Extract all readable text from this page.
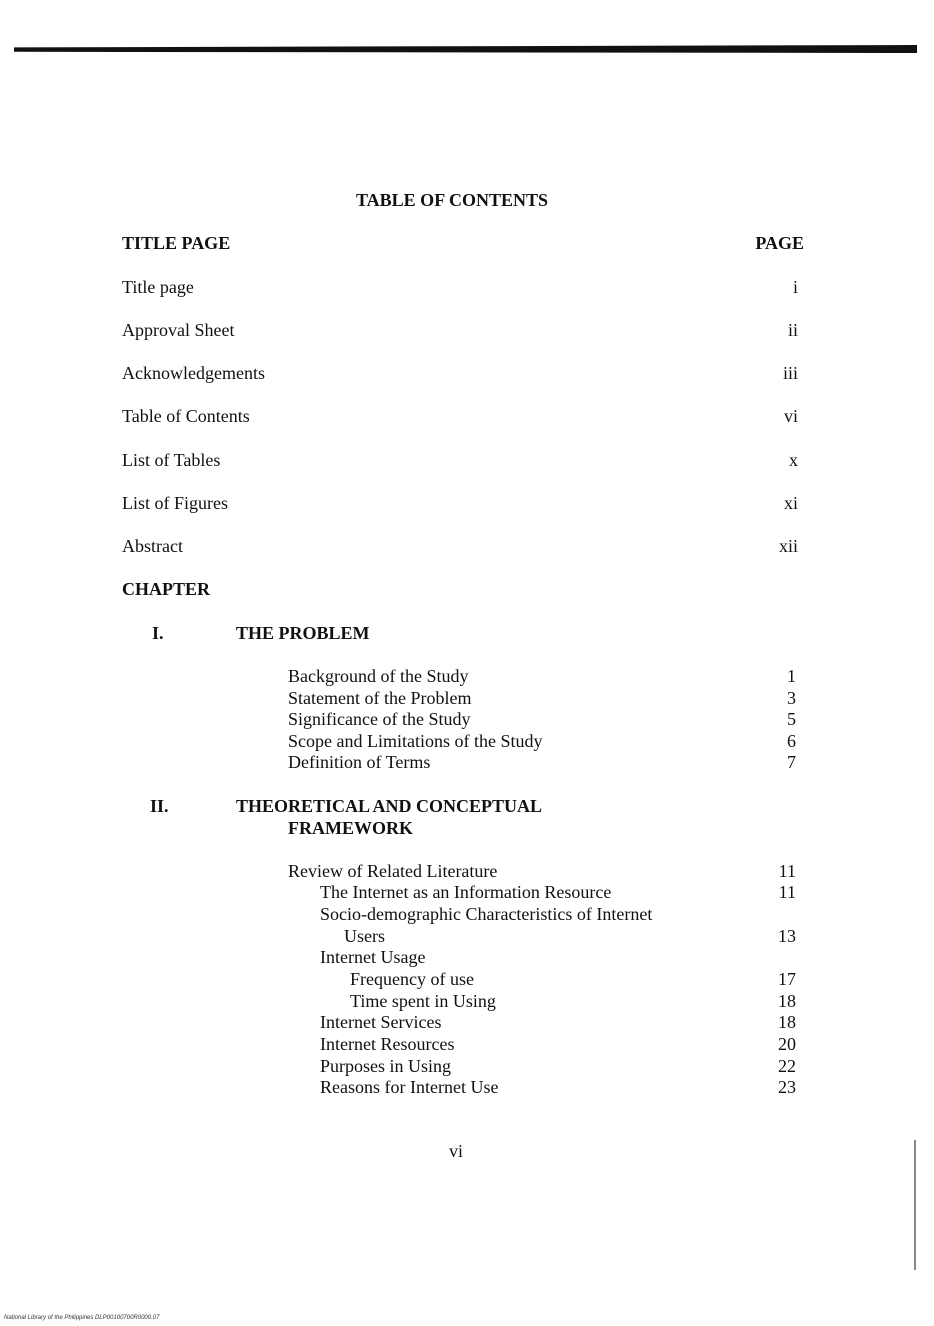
TABLE OF CONTENTS
TITLE PAGE	PAGE
Title page	i
Approval Sheet	ii
Acknowledgements	iii
Table of Contents	vi
List of Tables	x
List of Figures	xi
Abstract	xii
CHAPTER
I.	THE PROBLEM
Background of the Study	1
Statement of the Problem	3
Significance of the Study	5
Scope and Limitations of the Study	6
Definition of Terms	7
II.	THEORETICAL AND CONCEPTUAL
FRAMEWORK
Review of Related Literature	11
The Internet as an Information Resource	11
Socio-demographic Characteristics of Internet
Users	13
Internet Usage
Frequency of use	17
Time spent in Using	18
Internet Services	18
Internet Resources	20
Purposes in Using	22
Reasons for Internet Use	23
vi
National Library of the Philippines DLP00100700R0000.07
